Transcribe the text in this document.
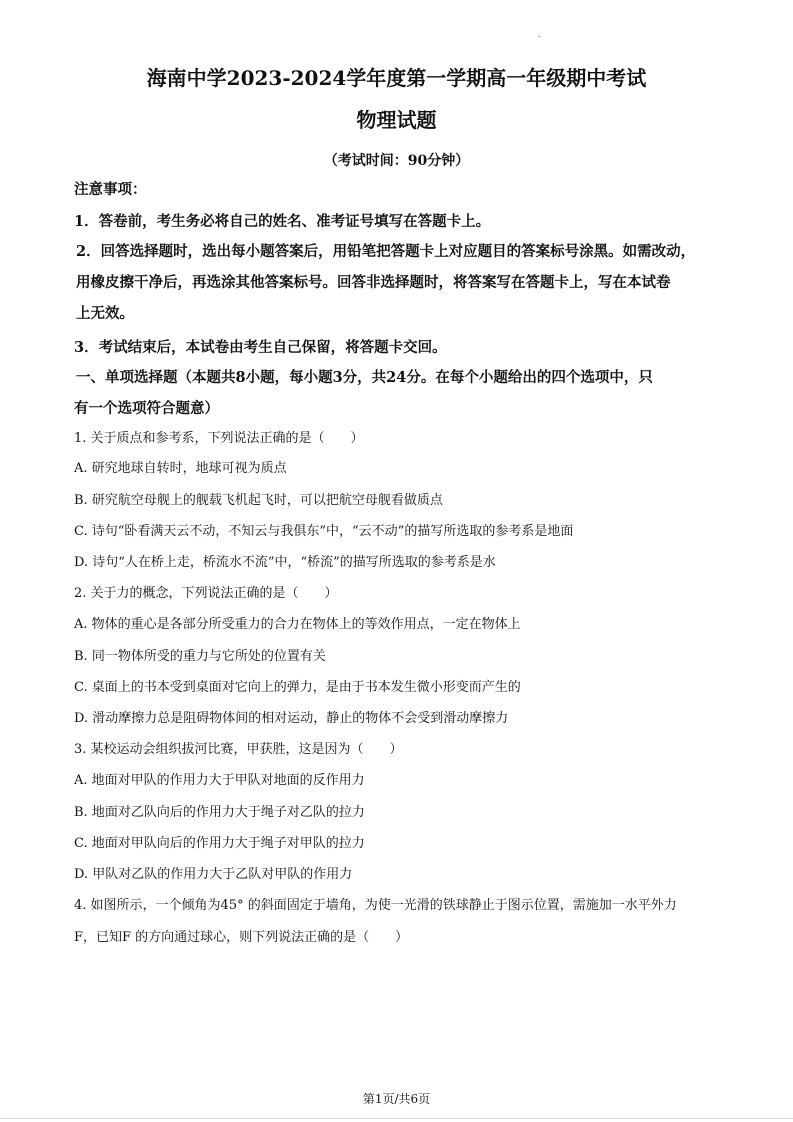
.
海南中学2023-2024学年度第一学期高一年级期中考试
物理试题
（考试时间：90分钟）
注意事项：
1．答卷前，考生务必将自己的姓名、准考证号填写在答题卡上。
2．回答选择题时，选出每小题答案后，用铅笔把答题卡上对应题目的答案标号涂黑。如需改动，
用橡皮擦干净后，再选涂其他答案标号。回答非选择题时，将答案写在答题卡上，写在本试卷
上无效。
3．考试结束后，本试卷由考生自己保留，将答题卡交回。
一、单项选择题（本题共8小题，每小题3分，共24分。在每个小题给出的四个选项中，只
有一个选项符合题意）
1. 关于质点和参考系，下列说法正确的是（　　）
A. 研究地球自转时，地球可视为质点
B. 研究航空母舰上的舰载飞机起飞时，可以把航空母舰看做质点
C. 诗句“卧看满天云不动，不知云与我俱东”中，“云不动”的描写所选取的参考系是地面
D. 诗句“人在桥上走，桥流水不流”中，“桥流”的描写所选取的参考系是水
2. 关于力的概念，下列说法正确的是（　　）
A. 物体的重心是各部分所受重力的合力在物体上的等效作用点，一定在物体上
B. 同一物体所受的重力与它所处的位置有关
C. 桌面上的书本受到桌面对它向上的弹力，是由于书本发生微小形变而产生的
D. 滑动摩擦力总是阻碍物体间的相对运动，静止的物体不会受到滑动摩擦力
3. 某校运动会组织拔河比赛，甲获胜，这是因为（　　）
A. 地面对甲队的作用力大于甲队对地面的反作用力
B. 地面对乙队向后的作用力大于绳子对乙队的拉力
C. 地面对甲队向后的作用力大于绳子对甲队的拉力
D. 甲队对乙队的作用力大于乙队对甲队的作用力
4. 如图所示，一个倾角为45° 的斜面固定于墙角，为使一光滑的铁球静止于图示位置，需施加一水平外力
F，已知F 的方向通过球心，则下列说法正确的是（　　）
第1页/共6页
